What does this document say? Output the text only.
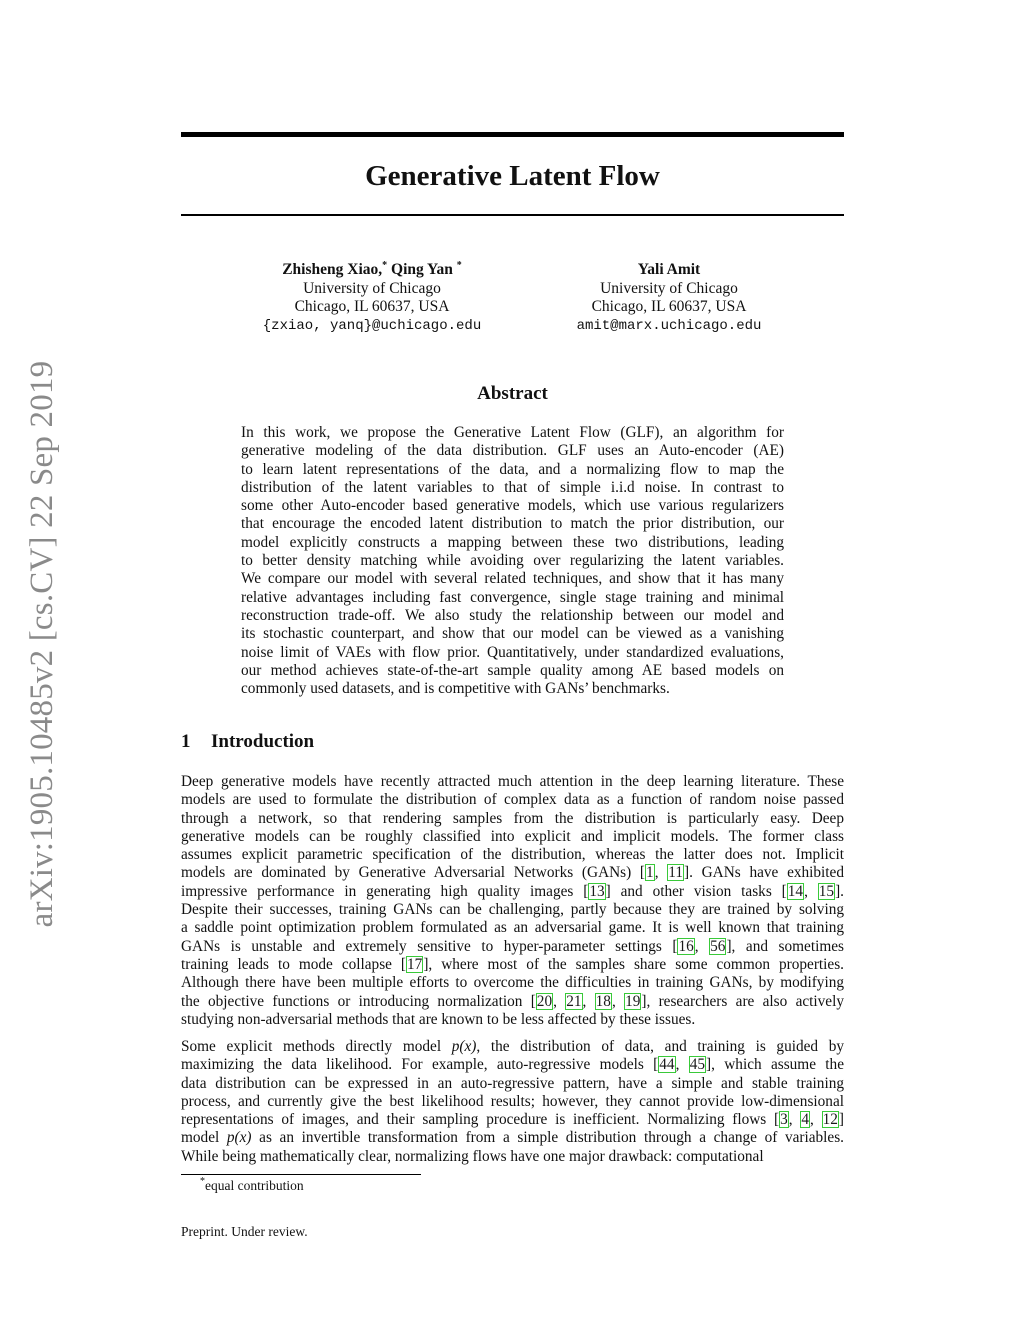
arXiv:1905.10485v2 [cs.CV] 22 Sep 2019
Generative Latent Flow
Zhisheng Xiao,* Qing Yan *
University of Chicago
Chicago, IL 60637, USA
{zxiao, yanq}@uchicago.edu
Yali Amit
University of Chicago
Chicago, IL 60637, USA
amit@marx.uchicago.edu
Abstract
In this work, we propose the Generative Latent Flow (GLF), an algorithm for
generative modeling of the data distribution. GLF uses an Auto-encoder (AE)
to learn latent representations of the data, and a normalizing flow to map the
distribution of the latent variables to that of simple i.i.d noise. In contrast to
some other Auto-encoder based generative models, which use various regularizers
that encourage the encoded latent distribution to match the prior distribution, our
model explicitly constructs a mapping between these two distributions, leading
to better density matching while avoiding over regularizing the latent variables.
We compare our model with several related techniques, and show that it has many
relative advantages including fast convergence, single stage training and minimal
reconstruction trade-off. We also study the relationship between our model and
its stochastic counterpart, and show that our model can be viewed as a vanishing
noise limit of VAEs with flow prior. Quantitatively, under standardized evaluations,
our method achieves state-of-the-art sample quality among AE based models on
commonly used datasets, and is competitive with GANs’ benchmarks.
1 Introduction
Deep generative models have recently attracted much attention in the deep learning literature. These
models are used to formulate the distribution of complex data as a function of random noise passed
through a network, so that rendering samples from the distribution is particularly easy. Deep
generative models can be roughly classified into explicit and implicit models. The former class
assumes explicit parametric specification of the distribution, whereas the latter does not. Implicit
models are dominated by Generative Adversarial Networks (GANs) [1, 11]. GANs have exhibited
impressive performance in generating high quality images [13] and other vision tasks [14, 15].
Despite their successes, training GANs can be challenging, partly because they are trained by solving
a saddle point optimization problem formulated as an adversarial game. It is well known that training
GANs is unstable and extremely sensitive to hyper-parameter settings [16, 56], and sometimes
training leads to mode collapse [17], where most of the samples share some common properties.
Although there have been multiple efforts to overcome the difficulties in training GANs, by modifying
the objective functions or introducing normalization [20, 21, 18, 19], researchers are also actively
studying non-adversarial methods that are known to be less affected by these issues.
Some explicit methods directly model p(x), the distribution of data, and training is guided by
maximizing the data likelihood. For example, auto-regressive models [44, 45], which assume the
data distribution can be expressed in an auto-regressive pattern, have a simple and stable training
process, and currently give the best likelihood results; however, they cannot provide low-dimensional
representations of images, and their sampling procedure is inefficient. Normalizing flows [3, 4, 12]
model p(x) as an invertible transformation from a simple distribution through a change of variables.
While being mathematically clear, normalizing flows have one major drawback: computational
*equal contribution
Preprint. Under review.
